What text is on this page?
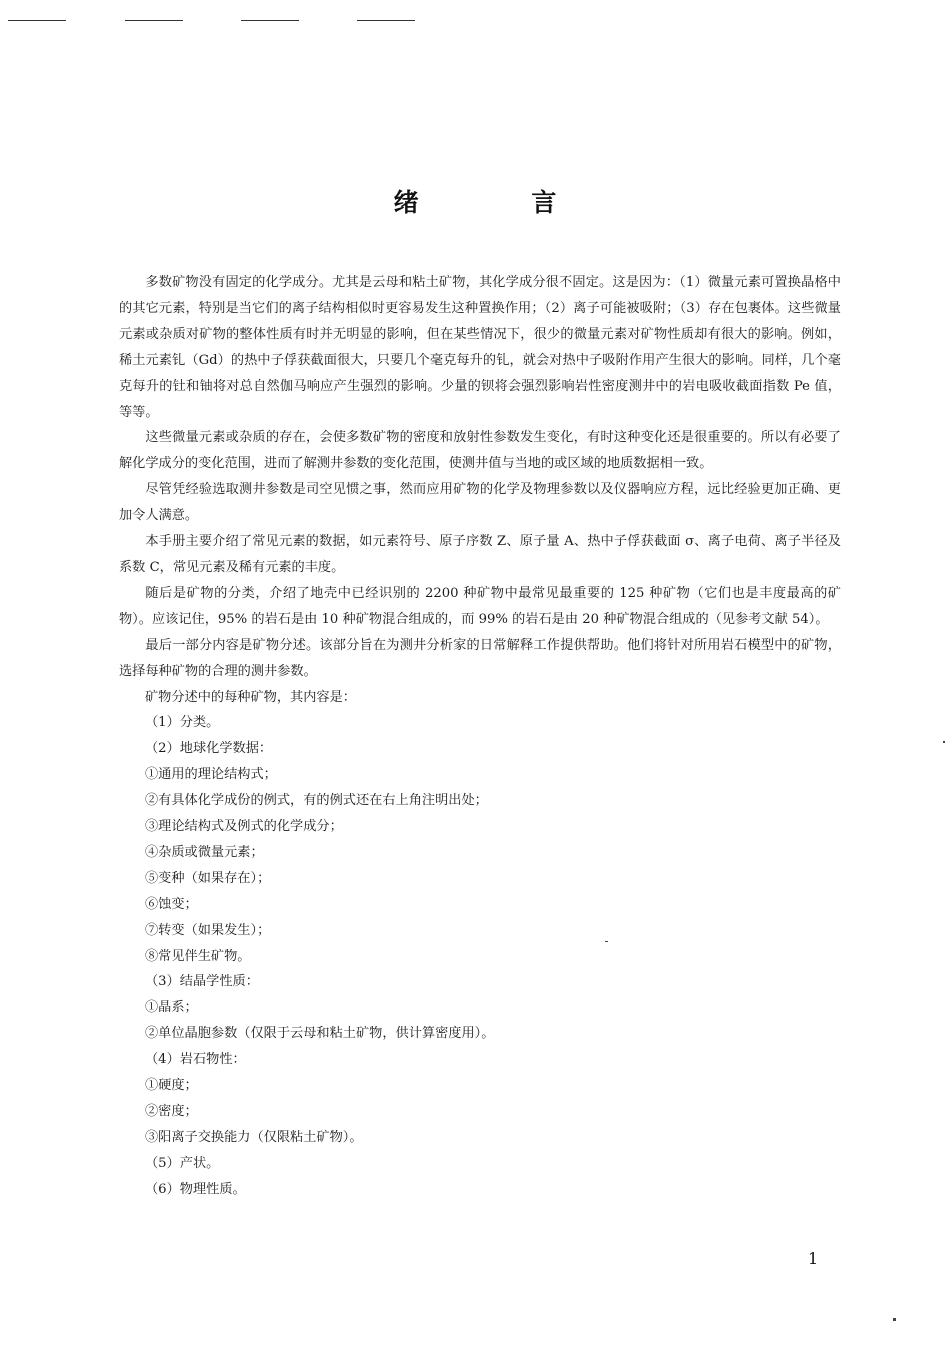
绪 言

多数矿物没有固定的化学成分。尤其是云母和粘土矿物，其化学成分很不固定。这是因为：（1）微量元素可置换晶格中的其它元素，特别是当它们的离子结构相似时更容易发生这种置换作用；（2）离子可能被吸附；（3）存在包裹体。这些微量元素或杂质对矿物的整体性质有时并无明显的影响，但在某些情况下，很少的微量元素对矿物性质却有很大的影响。例如，稀土元素钆（Gd）的热中子俘获截面很大，只要几个毫克每升的钆，就会对热中子吸附作用产生很大的影响。同样，几个毫克每升的钍和铀将对总自然伽马响应产生强烈的影响。少量的钡将会强烈影响岩性密度测井中的岩电吸收截面指数 Pe 值，等等。

这些微量元素或杂质的存在，会使多数矿物的密度和放射性参数发生变化，有时这种变化还是很重要的。所以有必要了解化学成分的变化范围，进而了解测井参数的变化范围，使测井值与当地的或区域的地质数据相一致。

尽管凭经验选取测井参数是司空见惯之事，然而应用矿物的化学及物理参数以及仪器响应方程，远比经验更加正确、更加令人满意。

本手册主要介绍了常见元素的数据，如元素符号、原子序数 Z、原子量 A、热中子俘获截面 σ、离子电荷、离子半径及系数 C，常见元素及稀有元素的丰度。

随后是矿物的分类，介绍了地壳中已经识别的 2200 种矿物中最常见最重要的 125 种矿物（它们也是丰度最高的矿物）。应该记住，95% 的岩石是由 10 种矿物混合组成的，而 99% 的岩石是由 20 种矿物混合组成的（见参考文献 54）。

最后一部分内容是矿物分述。该部分旨在为测井分析家的日常解释工作提供帮助。他们将针对所用岩石模型中的矿物，选择每种矿物的合理的测井参数。

矿物分述中的每种矿物，其内容是：
（1）分类。
（2）地球化学数据：
①通用的理论结构式；
②有具体化学成份的例式，有的例式还在右上角注明出处；
③理论结构式及例式的化学成分；
④杂质或微量元素；
⑤变种（如果存在）；
⑥蚀变；
⑦转变（如果发生）；
⑧常见伴生矿物。
（3）结晶学性质：
①晶系；
②单位晶胞参数（仅限于云母和粘土矿物，供计算密度用）。
（4）岩石物性：
①硬度；
②密度；
③阳离子交换能力（仅限粘土矿物）。
（5）产状。
（6）物理性质。
1
